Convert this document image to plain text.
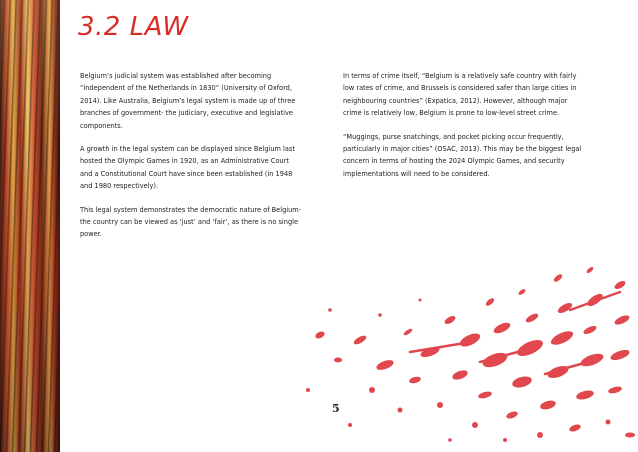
3.2 LAW

Belgium’s judicial system was established after becoming “independent of the Netherlands in 1830” (University of Oxford, 2014). Like Australia, Belgium’s legal system is made up of three branches of government- the judiciary, executive and legislative components.

A growth in the legal system can be displayed since Belgium last hosted the Olympic Games in 1920, as an Administrative Court and a Constitutional Court have since been established (in 1948 and 1980 respectively).

This legal system demonstrates the democratic nature of Belgium- the country can be viewed as ‘just’ and ‘fair’, as there is no single power.

In terms of crime itself, “Belgium is a relatively safe country with fairly low rates of crime, and Brussels is considered safer than large cities in neighbouring countries” (Expatica, 2012). However, although major crime is relatively low, Belgium is prone to low-level street crime.

“Muggings, purse snatchings, and pocket picking occur frequently, particularly in major cities” (OSAC, 2013). This may be the biggest legal concern in terms of hosting the 2024 Olympic Games, and security implementations will need to be considered.

5
